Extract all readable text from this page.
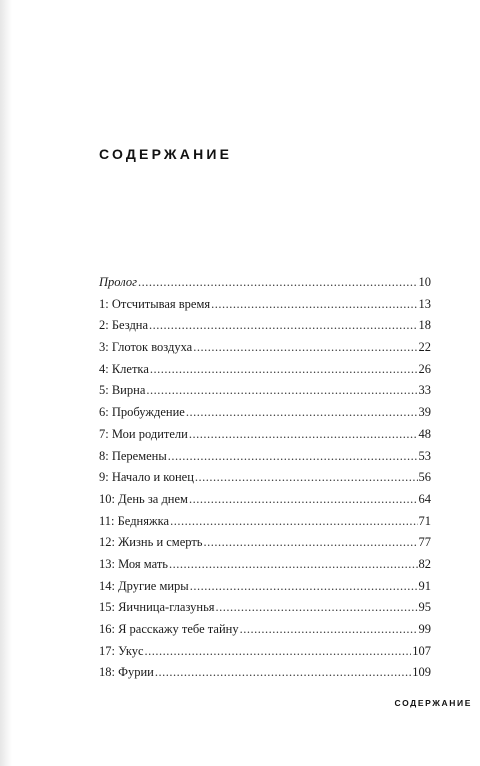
СОДЕРЖАНИЕ
Пролог .....	10
1: Отсчитывая время .....	13
2: Бездна .....	18
3: Глоток воздуха .....	22
4: Клетка .....	26
5: Вирна .....	33
6: Пробуждение .....	39
7: Мои родители .....	48
8: Перемены .....	53
9: Начало и конец .....	56
10: День за днем .....	64
11: Бедняжка .....	71
12: Жизнь и смерть .....	77
13: Моя мать .....	82
14: Другие миры .....	91
15: Яичница-глазунья .....	95
16: Я расскажу тебе тайну .....	99
17: Укус .....	107
18: Фурии .....	109
СОДЕРЖАНИЕ
